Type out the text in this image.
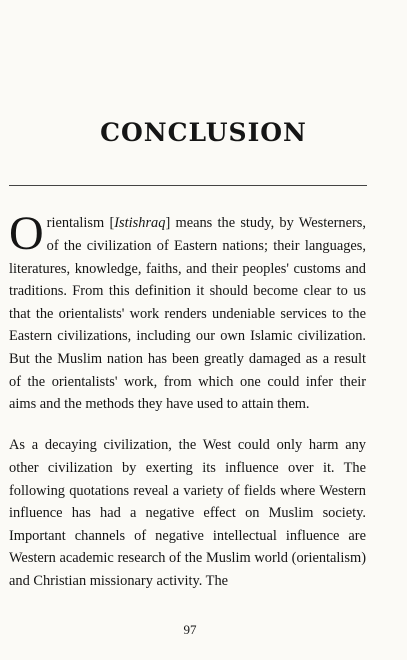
CONCLUSION

Orientalism [Istishraq] means the study, by Westerners, of the civilization of Eastern nations; their languages, literatures, knowledge, faiths, and their peoples' customs and traditions. From this definition it should become clear to us that the orientalists' work renders undeniable services to the Eastern civilizations, including our own Islamic civilization. But the Muslim nation has been greatly damaged as a result of the orientalists' work, from which one could infer their aims and the methods they have used to attain them.

As a decaying civilization, the West could only harm any other civilization by exerting its influence over it. The following quotations reveal a variety of fields where Western influence has had a negative effect on Muslim society. Important channels of negative intellectual influence are Western academic research of the Muslim world (orientalism) and Christian missionary activity. The

97
